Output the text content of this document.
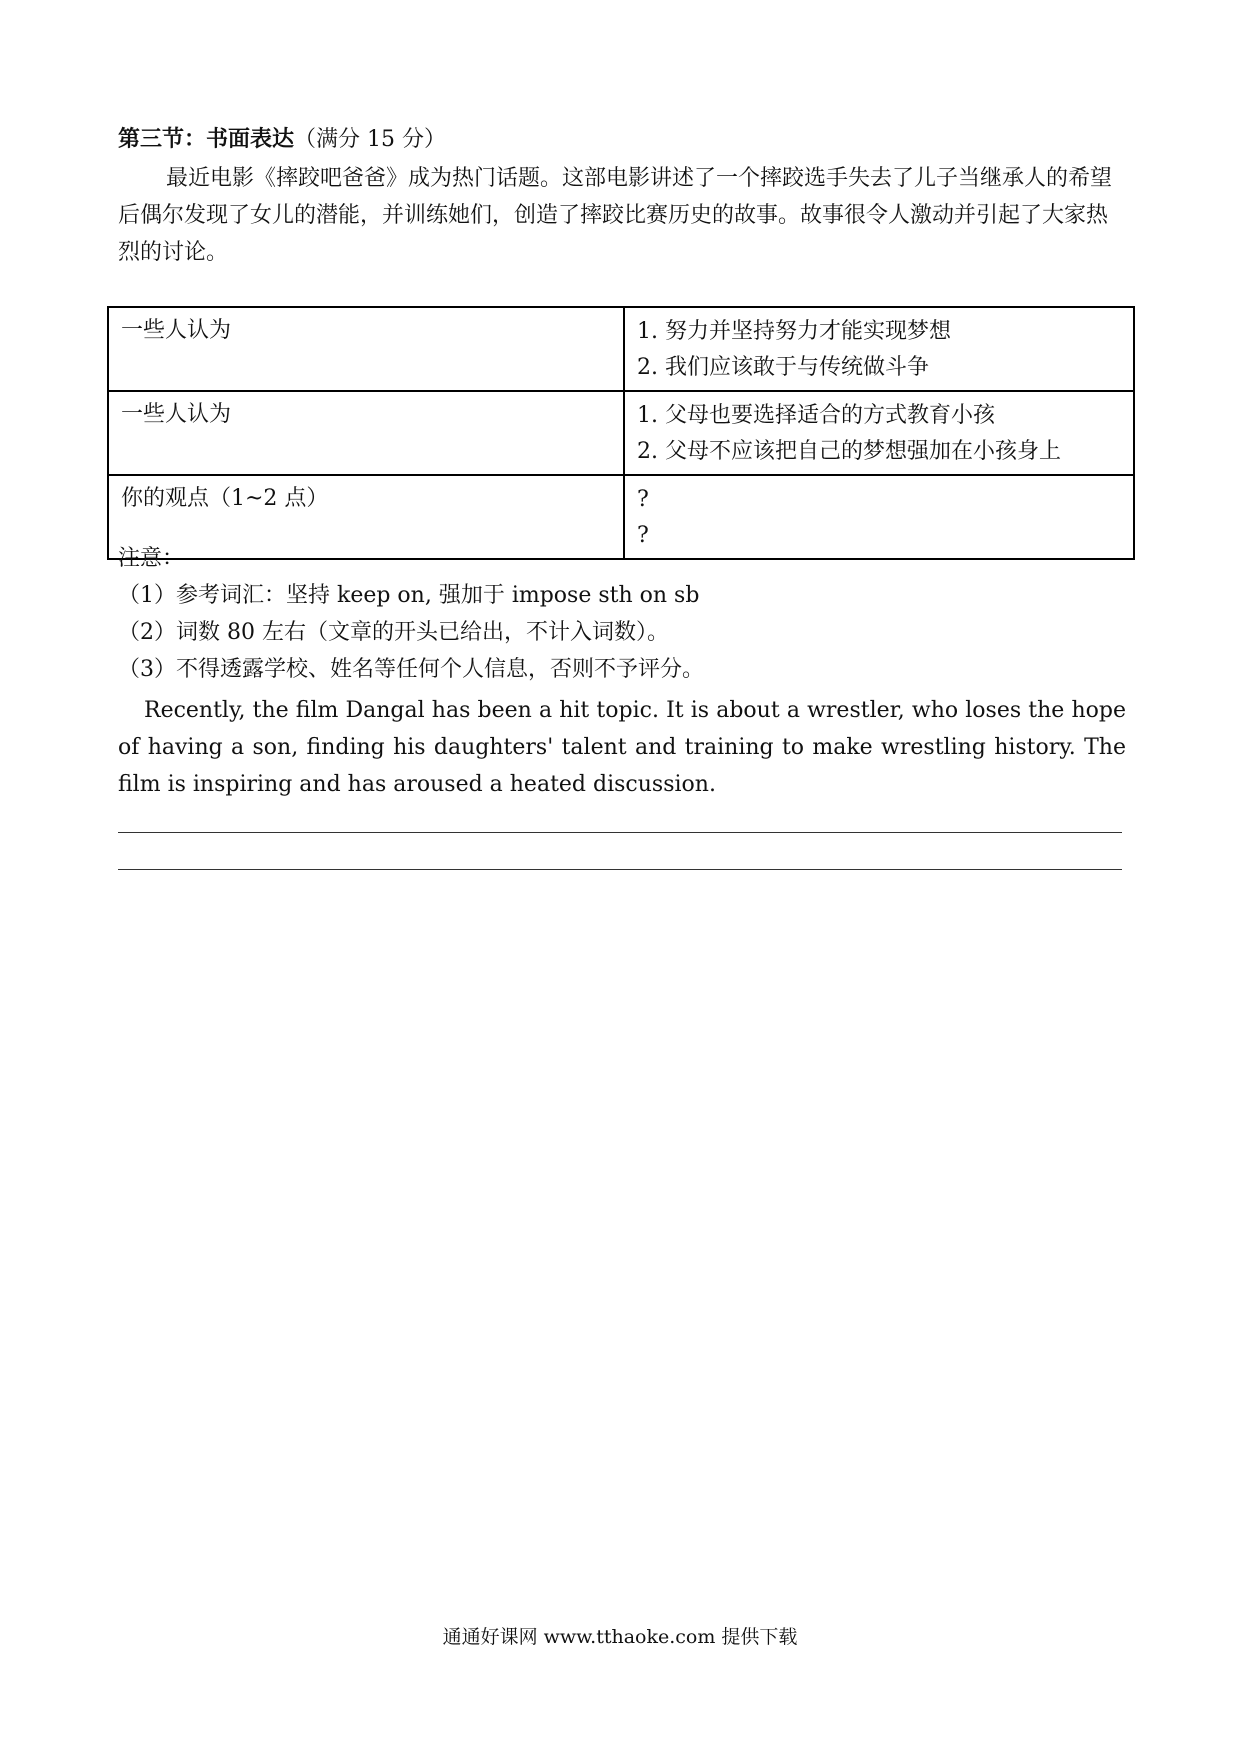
第三节：书面表达（满分 15 分）
最近电影《摔跤吧爸爸》成为热门话题。这部电影讲述了一个摔跤选手失去了儿子当继承人的希望后偶尔发现了女儿的潜能，并训练她们，创造了摔跤比赛历史的故事。故事很令人激动并引起了大家热烈的讨论。
一些人认为	1. 努力并坚持努力才能实现梦想
2. 我们应该敢于与传统做斗争

一些人认为	1. 父母也要选择适合的方式教育小孩
2. 父母不应该把自己的梦想强加在小孩身上

你的观点（1~2 点）	?
?
注意：
（1）参考词汇：坚持 keep on, 强加于 impose sth on sb
（2）词数 80 左右（文章的开头已给出，不计入词数）。
（3）不得透露学校、姓名等任何个人信息，否则不予评分。
Recently, the film Dangal has been a hit topic. It is about a wrestler, who loses the hope of having a son, finding his daughters' talent and training to make wrestling history. The film is inspiring and has aroused a heated discussion.
通通好课网 www.tthaoke.com 提供下载
